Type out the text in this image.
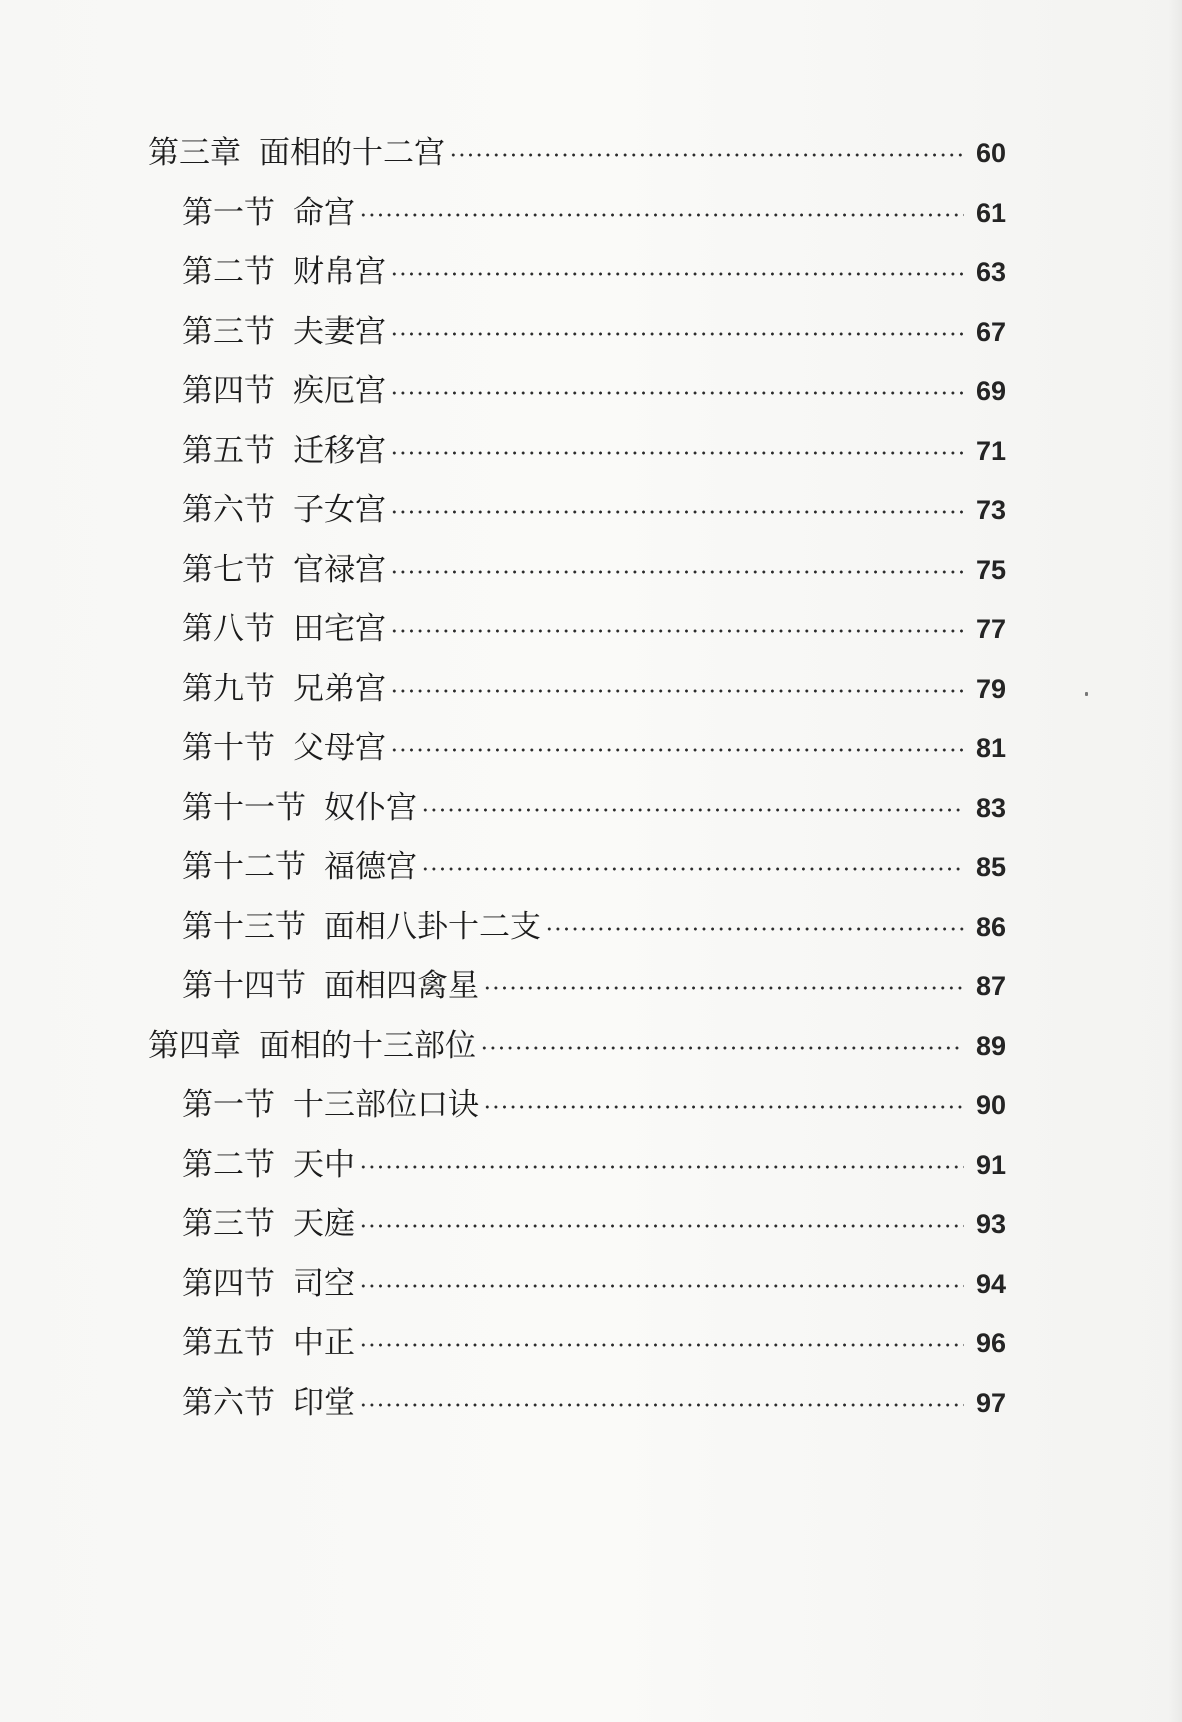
第三章 面相的十二宫	60
第一节 命宫	61
第二节 财帛宫	63
第三节 夫妻宫	67
第四节 疾厄宫	69
第五节 迁移宫	71
第六节 子女宫	73
第七节 官禄宫	75
第八节 田宅宫	77
第九节 兄弟宫	79
第十节 父母宫	81
第十一节 奴仆宫	83
第十二节 福德宫	85
第十三节 面相八卦十二支	86
第十四节 面相四禽星	87
第四章 面相的十三部位	89
第一节 十三部位口诀	90
第二节 天中	91
第三节 天庭	93
第四节 司空	94
第五节 中正	96
第六节 印堂	97
